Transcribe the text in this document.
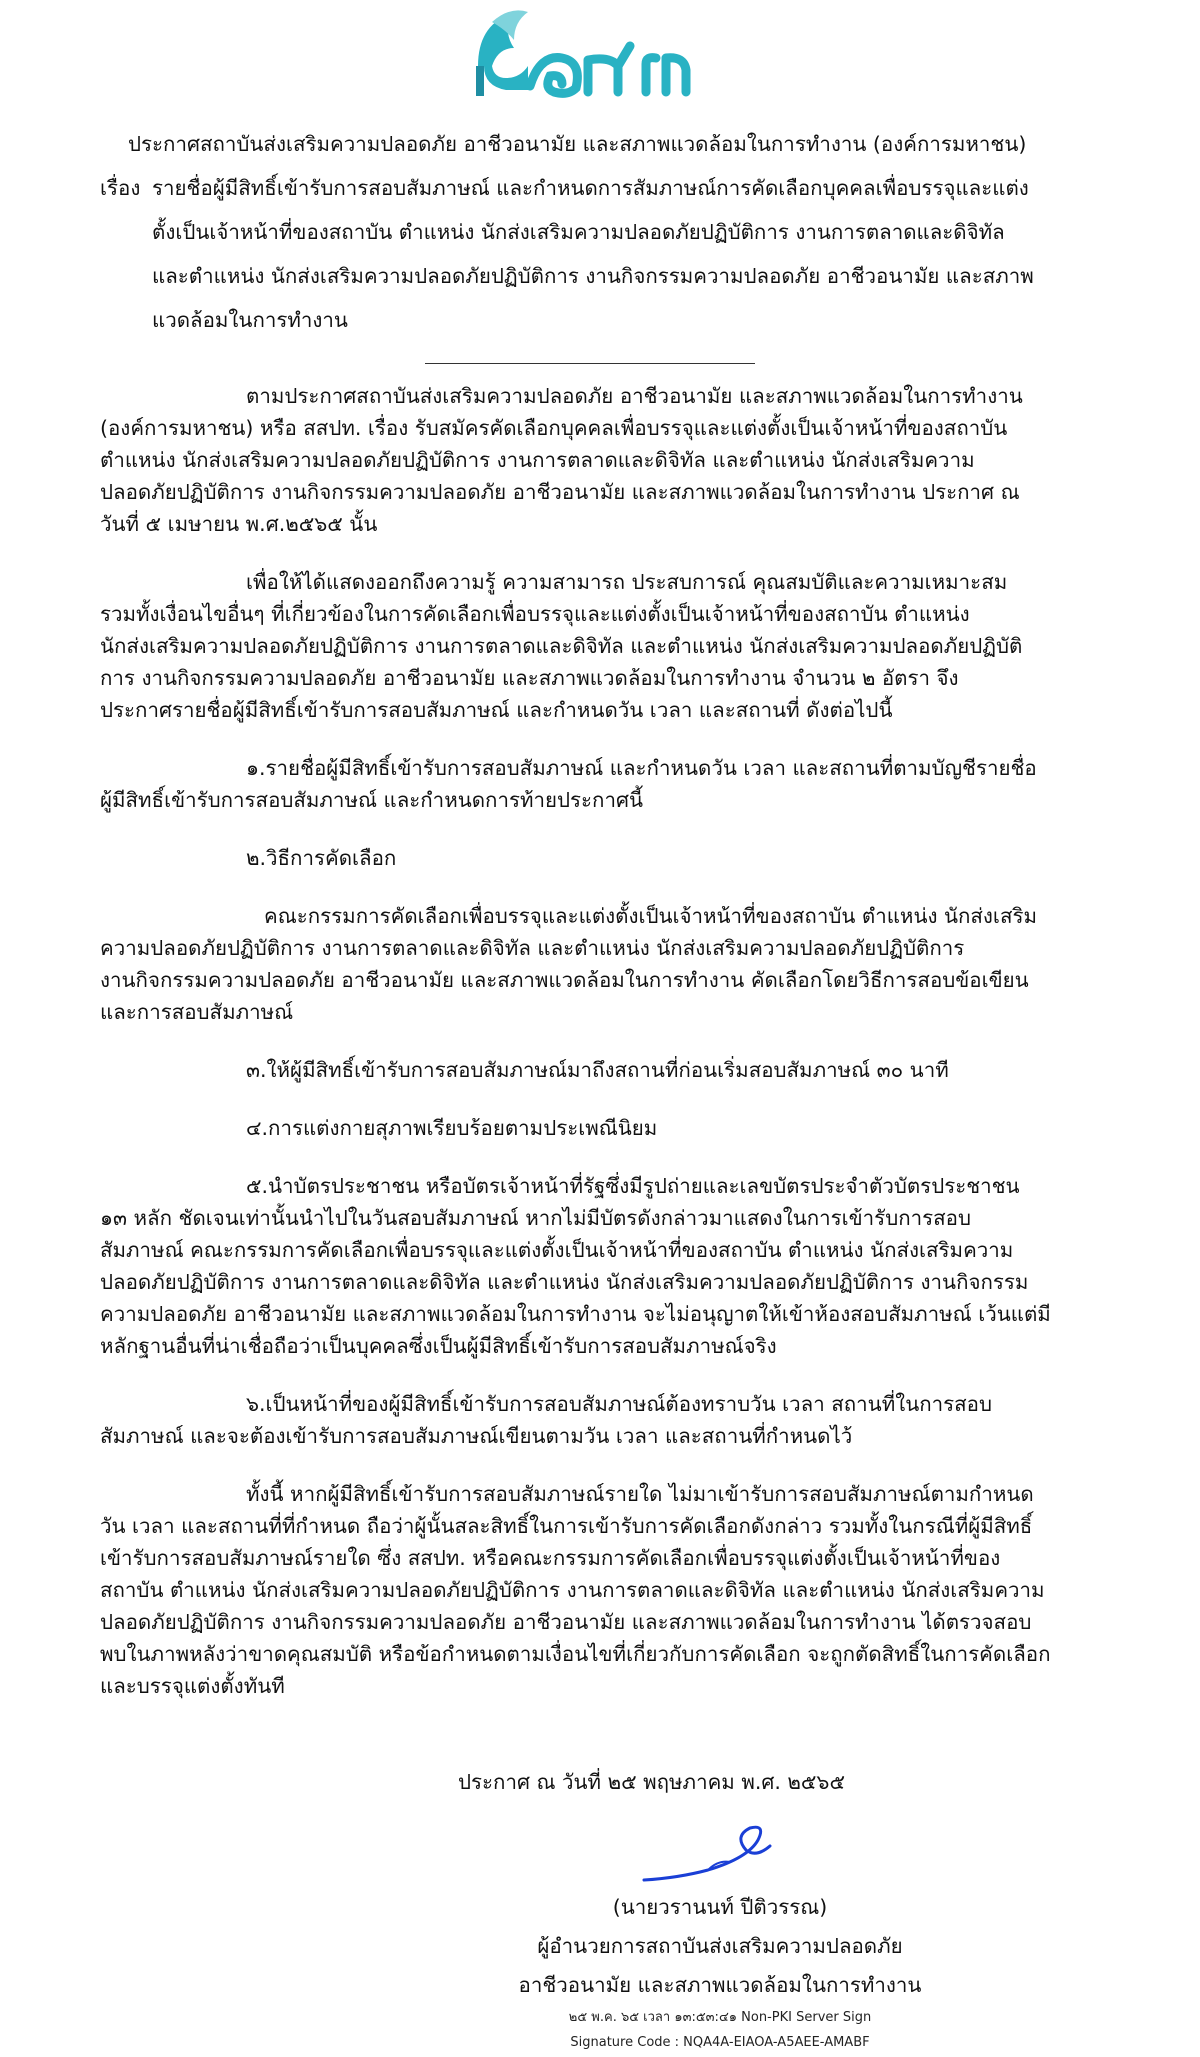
ประกาศสถาบันส่งเสริมความปลอดภัย อาชีวอนามัย และสภาพแวดล้อมในการทำงาน (องค์การมหาชน)
เรื่อง รายชื่อผู้มีสิทธิ์เข้ารับการสอบสัมภาษณ์ และกำหนดการสัมภาษณ์การคัดเลือกบุคคลเพื่อบรรจุและแต่ง
ตั้งเป็นเจ้าหน้าที่ของสถาบัน ตำแหน่ง นักส่งเสริมความปลอดภัยปฏิบัติการ งานการตลาดและดิจิทัล
และตำแหน่ง นักส่งเสริมความปลอดภัยปฏิบัติการ งานกิจกรรมความปลอดภัย อาชีวอนามัย และสภาพ
แวดล้อมในการทำงาน
ตามประกาศสถาบันส่งเสริมความปลอดภัย อาชีวอนามัย และสภาพแวดล้อมในการทำงาน
(องค์การมหาชน) หรือ สสปท. เรื่อง รับสมัครคัดเลือกบุคคลเพื่อบรรจุและแต่งตั้งเป็นเจ้าหน้าที่ของสถาบัน
ตำแหน่ง นักส่งเสริมความปลอดภัยปฏิบัติการ งานการตลาดและดิจิทัล และตำแหน่ง นักส่งเสริมความ
ปลอดภัยปฏิบัติการ งานกิจกรรมความปลอดภัย อาชีวอนามัย และสภาพแวดล้อมในการทำงาน ประกาศ ณ
วันที่ ๕ เมษายน พ.ศ.๒๕๖๕ นั้น
เพื่อให้ได้แสดงออกถึงความรู้ ความสามารถ ประสบการณ์ คุณสมบัติและความเหมาะสม
รวมทั้งเงื่อนไขอื่นๆ ที่เกี่ยวข้องในการคัดเลือกเพื่อบรรจุและแต่งตั้งเป็นเจ้าหน้าที่ของสถาบัน ตำแหน่ง
นักส่งเสริมความปลอดภัยปฏิบัติการ งานการตลาดและดิจิทัล และตำแหน่ง นักส่งเสริมความปลอดภัยปฏิบัติ
การ งานกิจกรรมความปลอดภัย อาชีวอนามัย และสภาพแวดล้อมในการทำงาน จำนวน ๒ อัตรา จึง
ประกาศรายชื่อผู้มีสิทธิ์เข้ารับการสอบสัมภาษณ์ และกำหนดวัน เวลา และสถานที่ ดังต่อไปนี้
๑.รายชื่อผู้มีสิทธิ์เข้ารับการสอบสัมภาษณ์ และกำหนดวัน เวลา และสถานที่ตามบัญชีรายชื่อ
ผู้มีสิทธิ์เข้ารับการสอบสัมภาษณ์ และกำหนดการท้ายประกาศนี้
๒.วิธีการคัดเลือก
คณะกรรมการคัดเลือกเพื่อบรรจุและแต่งตั้งเป็นเจ้าหน้าที่ของสถาบัน ตำแหน่ง นักส่งเสริม
ความปลอดภัยปฏิบัติการ งานการตลาดและดิจิทัล และตำแหน่ง นักส่งเสริมความปลอดภัยปฏิบัติการ
งานกิจกรรมความปลอดภัย อาชีวอนามัย และสภาพแวดล้อมในการทำงาน คัดเลือกโดยวิธีการสอบข้อเขียน
และการสอบสัมภาษณ์
๓.ให้ผู้มีสิทธิ์เข้ารับการสอบสัมภาษณ์มาถึงสถานที่ก่อนเริ่มสอบสัมภาษณ์ ๓๐ นาที
๔.การแต่งกายสุภาพเรียบร้อยตามประเพณีนิยม
๕.นำบัตรประชาชน หรือบัตรเจ้าหน้าที่รัฐซึ่งมีรูปถ่ายและเลขบัตรประจำตัวบัตรประชาชน
๑๓ หลัก ชัดเจนเท่านั้นนำไปในวันสอบสัมภาษณ์ หากไม่มีบัตรดังกล่าวมาแสดงในการเข้ารับการสอบ
สัมภาษณ์ คณะกรรมการคัดเลือกเพื่อบรรจุและแต่งตั้งเป็นเจ้าหน้าที่ของสถาบัน ตำแหน่ง นักส่งเสริมความ
ปลอดภัยปฏิบัติการ งานการตลาดและดิจิทัล และตำแหน่ง นักส่งเสริมความปลอดภัยปฏิบัติการ งานกิจกรรม
ความปลอดภัย อาชีวอนามัย และสภาพแวดล้อมในการทำงาน จะไม่อนุญาตให้เข้าห้องสอบสัมภาษณ์ เว้นแต่มี
หลักฐานอื่นที่น่าเชื่อถือว่าเป็นบุคคลซึ่งเป็นผู้มีสิทธิ์เข้ารับการสอบสัมภาษณ์จริง
๖.เป็นหน้าที่ของผู้มีสิทธิ์เข้ารับการสอบสัมภาษณ์ต้องทราบวัน เวลา สถานที่ในการสอบ
สัมภาษณ์ และจะต้องเข้ารับการสอบสัมภาษณ์เขียนตามวัน เวลา และสถานที่กำหนดไว้
ทั้งนี้ หากผู้มีสิทธิ์เข้ารับการสอบสัมภาษณ์รายใด ไม่มาเข้ารับการสอบสัมภาษณ์ตามกำหนด
วัน เวลา และสถานที่ที่กำหนด ถือว่าผู้นั้นสละสิทธิ์ในการเข้ารับการคัดเลือกดังกล่าว รวมทั้งในกรณีที่ผู้มีสิทธิ์
เข้ารับการสอบสัมภาษณ์รายใด ซึ่ง สสปท. หรือคณะกรรมการคัดเลือกเพื่อบรรจุแต่งตั้งเป็นเจ้าหน้าที่ของ
สถาบัน ตำแหน่ง นักส่งเสริมความปลอดภัยปฏิบัติการ งานการตลาดและดิจิทัล และตำแหน่ง นักส่งเสริมความ
ปลอดภัยปฏิบัติการ งานกิจกรรมความปลอดภัย อาชีวอนามัย และสภาพแวดล้อมในการทำงาน ได้ตรวจสอบ
พบในภาพหลังว่าขาดคุณสมบัติ หรือข้อกำหนดตามเงื่อนไขที่เกี่ยวกับการคัดเลือก จะถูกตัดสิทธิ์ในการคัดเลือก
และบรรจุแต่งตั้งทันที
ประกาศ ณ วันที่ ๒๕ พฤษภาคม พ.ศ. ๒๕๖๕
(นายวรานนท์ ปีติวรรณ)
ผู้อำนวยการสถาบันส่งเสริมความปลอดภัย
อาชีวอนามัย และสภาพแวดล้อมในการทำงาน
๒๕ พ.ค. ๖๕ เวลา ๑๓:๕๓:๔๑ Non-PKI Server Sign
Signature Code : NQA4A-EIAOA-A5AEE-AMABF
